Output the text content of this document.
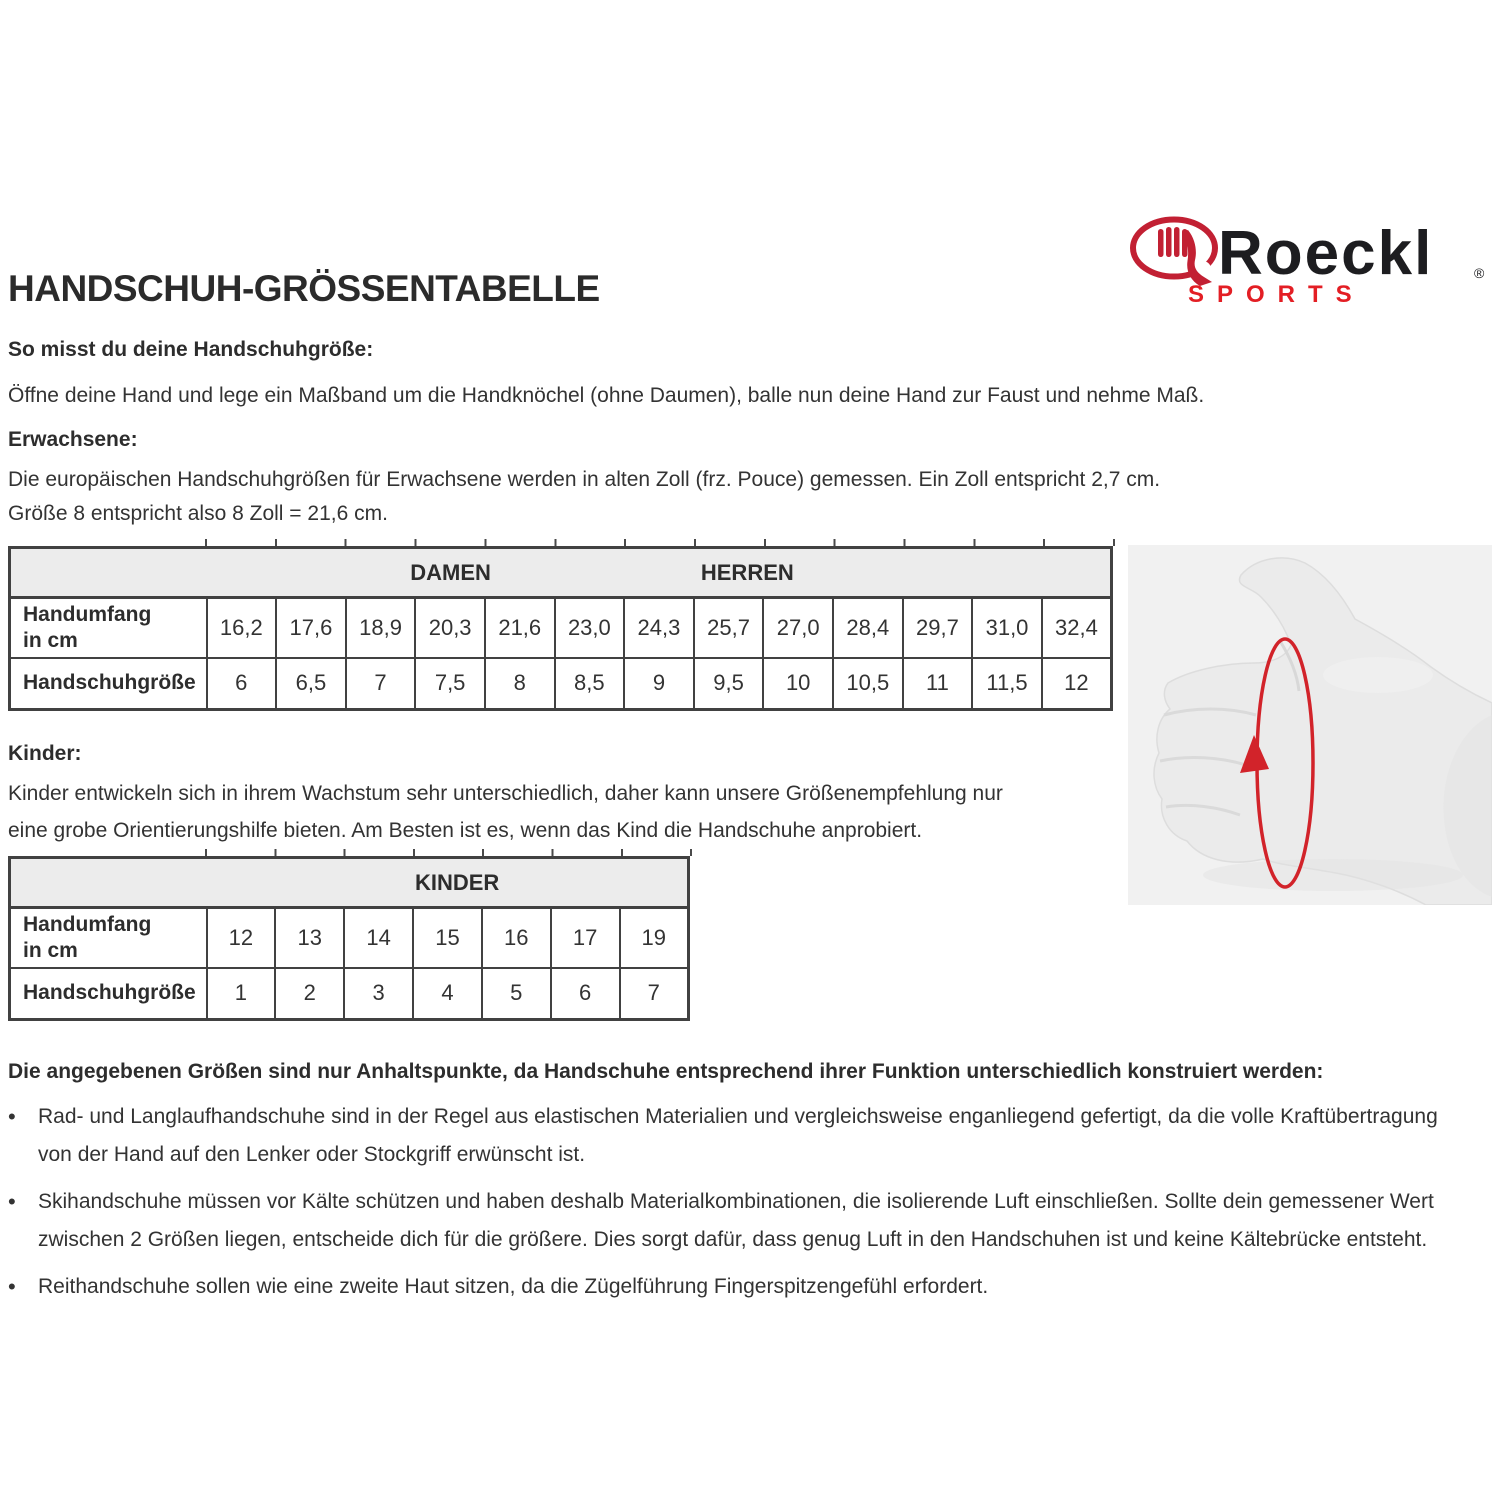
Roeckl	®
SPORTS
HANDSCHUH-GRÖSSENTABELLE
So misst du deine Handschuhgröße:
Öffne deine Hand und lege ein Maßband um die Handknöchel (ohne Daumen), balle nun deine Hand zur Faust und nehme Maß.
Erwachsene:
Die europäischen Handschuhgrößen für Erwachsene werden in alten Zoll (frz. Pouce) gemessen. Ein Zoll entspricht 2,7 cm.
Größe 8 entspricht also 8 Zoll = 21,6 cm.
DAMEN HERREN													

Handumfang
in cm	16,2	17,6	18,9	20,3	21,6	23,0	24,3	25,7	27,0	28,4	29,7	31,0	32,4
Handschuhgröße	6	6,5	7	7,5	8	8,5	9	9,5	10	10,5	11	11,5	12
Kinder:
Kinder entwickeln sich in ihrem Wachstum sehr unterschiedlich, daher kann unsere Größenempfehlung nur eine grobe Orientierungshilfe bieten. Am Besten ist es, wenn das Kind die Handschuhe anprobiert.
KINDER							

Handumfang
in cm	12	13	14	15	16	17	19
Handschuhgröße	1	2	3	4	5	6	7
Die angegebenen Größen sind nur Anhaltspunkte, da Handschuhe entsprechend ihrer Funktion unterschiedlich konstruiert werden:
•
Rad- und Langlaufhandschuhe sind in der Regel aus elastischen Materialien und vergleichsweise enganliegend gefertigt, da die volle Kraftübertragung von der Hand auf den Lenker oder Stockgriff erwünscht ist.
•
Skihandschuhe müssen vor Kälte schützen und haben deshalb Materialkombinationen, die isolierende Luft einschließen. Sollte dein gemessener Wert zwischen 2 Größen liegen, entscheide dich für die größere. Dies sorgt dafür, dass genug Luft in den Handschuhen ist und keine Kältebrücke entsteht.
•
Reithandschuhe sollen wie eine zweite Haut sitzen, da die Zügelführung Fingerspitzengefühl erfordert.
